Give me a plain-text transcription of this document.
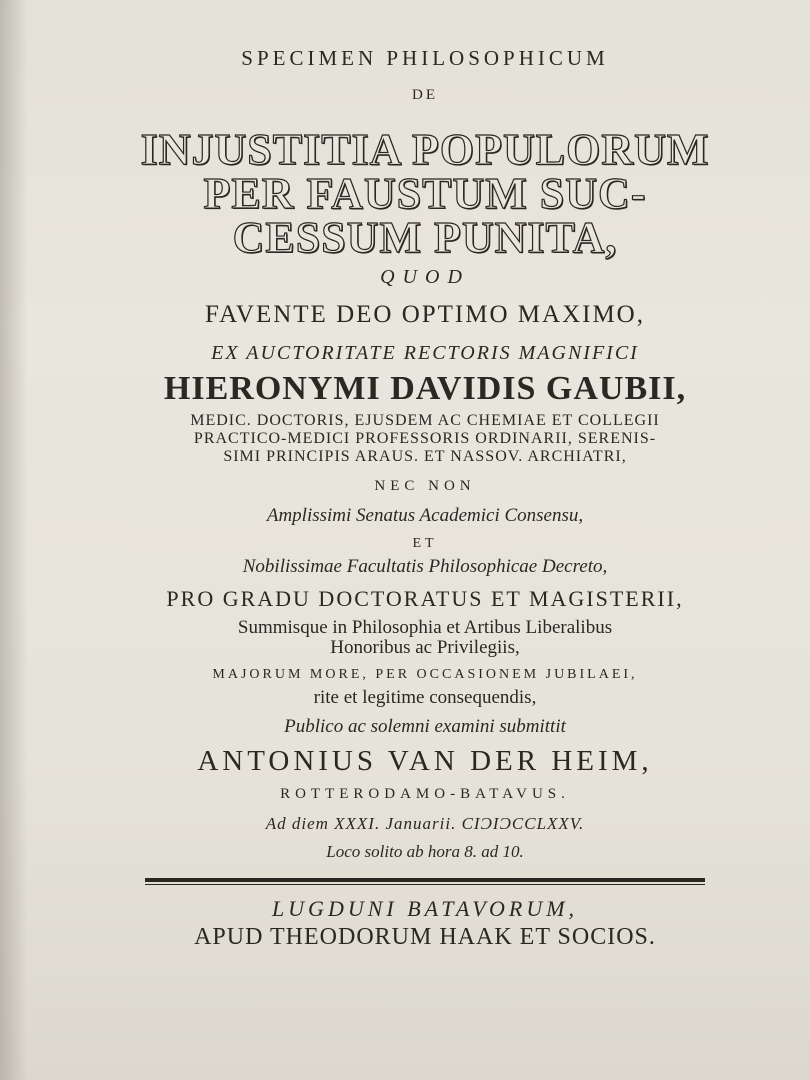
SPECIMEN PHILOSOPHICUM
DE
INJUSTITIA POPULORUM
PER FAUSTUM SUC-
CESSUM PUNITA,
QUOD
FAVENTE DEO OPTIMO MAXIMO,
EX AUCTORITATE RECTORIS MAGNIFICI
HIERONYMI DAVIDIS GAUBII,
MEDIC. DOCTORIS, EJUSDEM AC CHEMIAE ET COLLEGII
PRACTICO-MEDICI PROFESSORIS ORDINARII, SERENIS-
SIMI PRINCIPIS ARAUS. ET NASSOV. ARCHIATRI,
NEC NON
Amplissimi Senatus Academici Consensu,
ET
Nobilissimae Facultatis Philosophicae Decreto,
PRO GRADU DOCTORATUS ET MAGISTERII,
Summisque in Philosophia et Artibus Liberalibus
Honoribus ac Privilegiis,
MAJORUM MORE, PER OCCASIONEM JUBILAEI,
rite et legitime consequendis,
Publico ac solemni examini submittit
ANTONIUS VAN DER HEIM,
ROTTERODAMO-BATAVUS.
Ad diem XXXI. Januarii. CIƆIƆCCLXXV.
Loco solito ab hora 8. ad 10.
LUGDUNI BATAVORUM,
APUD THEODORUM HAAK ET SOCIOS.
